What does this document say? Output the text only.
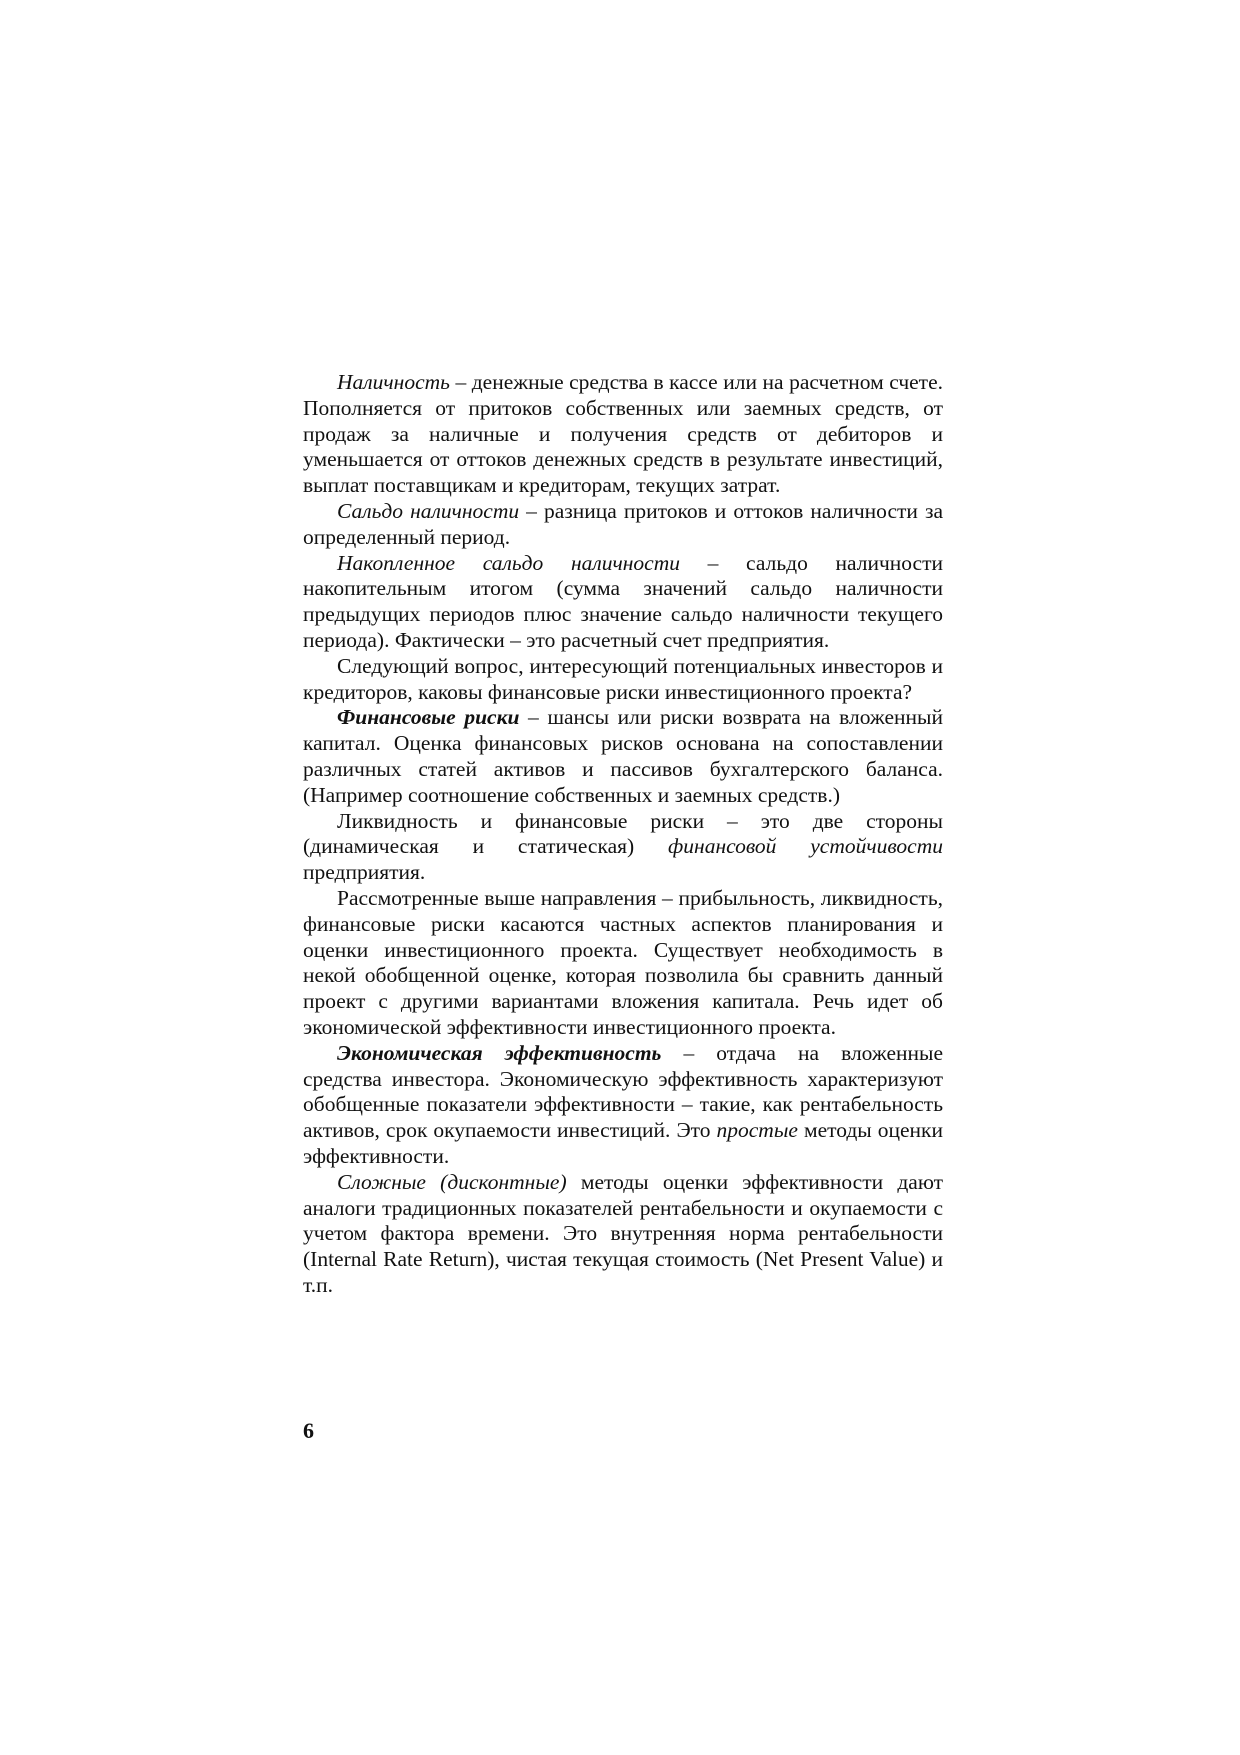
Наличность – денежные средства в кассе или на расчетном счете. Пополняется от притоков собственных или заемных средств, от продаж за наличные и получения средств от дебиторов и уменьшается от оттоков денежных средств в результате инвестиций, выплат поставщикам и кредиторам, текущих затрат.

Сальдо наличности – разница притоков и оттоков наличности за определенный период.

Накопленное сальдо наличности – сальдо наличности накопительным итогом (сумма значений сальдо наличности предыдущих периодов плюс значение сальдо наличности текущего периода). Фактически – это расчетный счет предприятия.

Следующий вопрос, интересующий потенциальных инвесторов и кредиторов, каковы финансовые риски инвестиционного проекта?

Финансовые риски – шансы или риски возврата на вложенный капитал. Оценка финансовых рисков основана на сопоставлении различных статей активов и пассивов бухгалтерского баланса. (Например соотношение собственных и заемных средств.)

Ликвидность и финансовые риски – это две стороны (динамическая и статическая) финансовой устойчивости предприятия.

Рассмотренные выше направления – прибыльность, ликвидность, финансовые риски касаются частных аспектов планирования и оценки инвестиционного проекта. Существует необходимость в некой обобщенной оценке, которая позволила бы сравнить данный проект с другими вариантами вложения капитала. Речь идет об экономической эффективности инвестиционного проекта.

Экономическая эффективность – отдача на вложенные средства инвестора. Экономическую эффективность характеризуют обобщенные показатели эффективности – такие, как рентабельность активов, срок окупаемости инвестиций. Это простые методы оценки эффективности.

Сложные (дисконтные) методы оценки эффективности дают аналоги традиционных показателей рентабельности и окупаемости с учетом фактора времени. Это внутренняя норма рентабельности (Internal Rate Return), чистая текущая стоимость (Net Present Value) и т.п.

6
